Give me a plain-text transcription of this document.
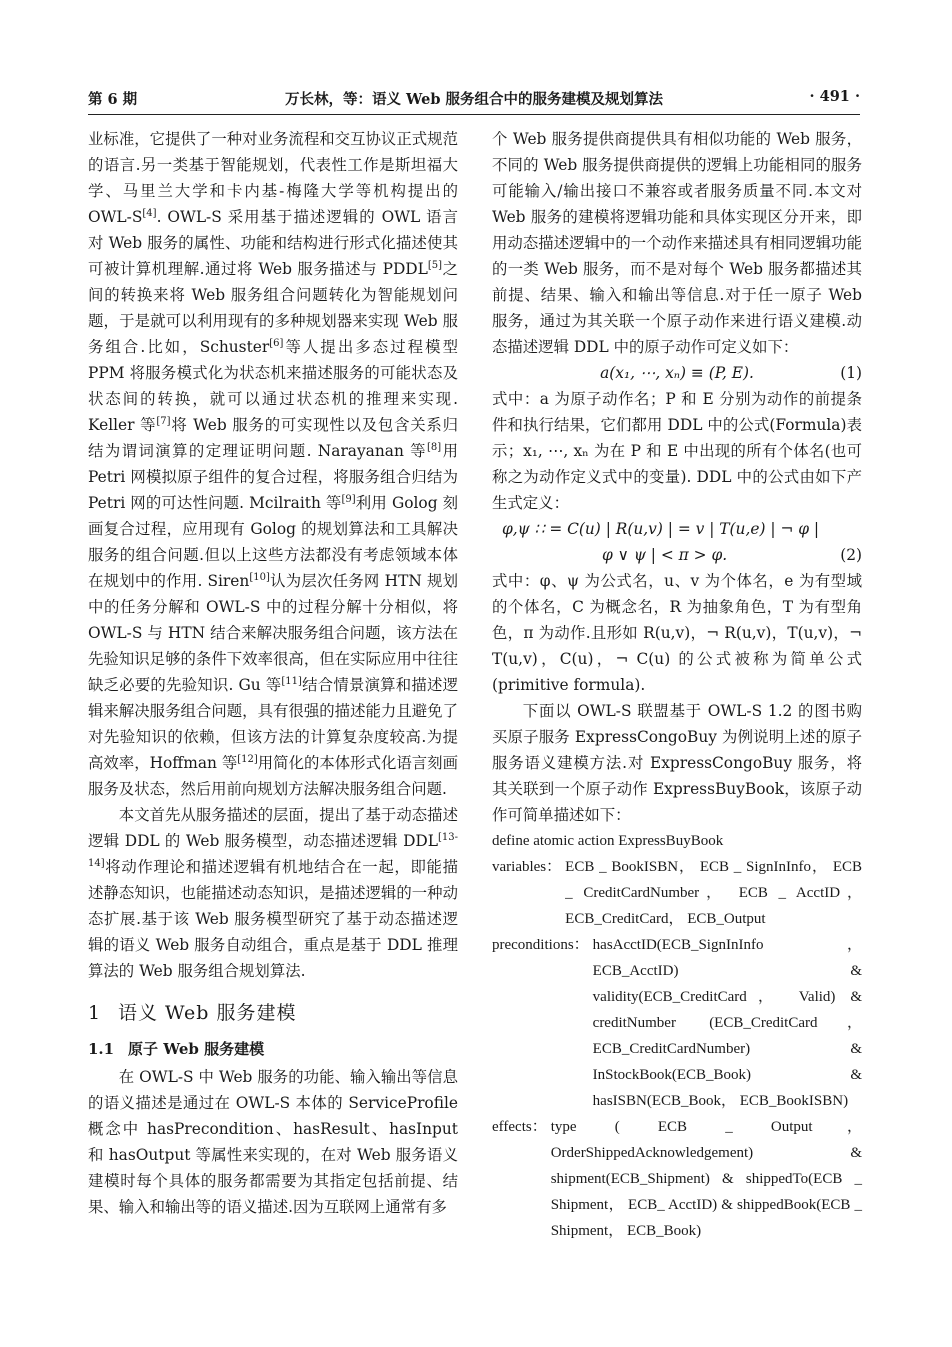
第 6 期	万长林，等：语义 Web 服务组合中的服务建模及规划算法	· 491 ·

业标准，它提供了一种对业务流程和交互协议正式规范的语言.另一类基于智能规划，代表性工作是斯坦福大学、马里兰大学和卡内基-梅隆大学等机构提出的 OWL-S[4]. OWL-S 采用基于描述逻辑的 OWL 语言对 Web 服务的属性、功能和结构进行形式化描述使其可被计算机理解.通过将 Web 服务描述与 PDDL[5]之间的转换来将 Web 服务组合问题转化为智能规划问题，于是就可以利用现有的多种规划器来实现 Web 服务组合.比如，Schuster[6]等人提出多态过程模型 PPM 将服务模式化为状态机来描述服务的可能状态及状态间的转换，就可以通过状态机的推理来实现. Keller 等[7]将 Web 服务的可实现性以及包含关系归结为谓词演算的定理证明问题. Narayanan 等[8]用 Petri 网模拟原子组件的复合过程，将服务组合归结为 Petri 网的可达性问题. Mcilraith 等[9]利用 Golog 刻画复合过程，应用现有 Golog 的规划算法和工具解决服务的组合问题.但以上这些方法都没有考虑领域本体在规划中的作用. Siren[10]认为层次任务网 HTN 规划中的任务分解和 OWL-S 中的过程分解十分相似，将 OWL-S 与 HTN 结合来解决服务组合问题，该方法在先验知识足够的条件下效率很高，但在实际应用中往往缺乏必要的先验知识. Gu 等[11]结合情景演算和描述逻辑来解决服务组合问题，具有很强的描述能力且避免了对先验知识的依赖，但该方法的计算复杂度较高.为提高效率，Hoffman 等[12]用简化的本体形式化语言刻画服务及状态，然后用前向规划方法解决服务组合问题.

本文首先从服务描述的层面，提出了基于动态描述逻辑 DDL 的 Web 服务模型，动态描述逻辑 DDL[13-14]将动作理论和描述逻辑有机地结合在一起，即能描述静态知识，也能描述动态知识，是描述逻辑的一种动态扩展.基于该 Web 服务模型研究了基于动态描述逻辑的语义 Web 服务自动组合，重点是基于 DDL 推理算法的 Web 服务组合规划算法.

1 语义 Web 服务建模
1.1 原子 Web 服务建模

在 OWL-S 中 Web 服务的功能、输入输出等信息的语义描述是通过在 OWL-S 本体的 ServiceProfile 概念中 hasPrecondition、hasResult、hasInput 和 hasOutput 等属性来实现的，在对 Web 服务语义建模时每个具体的服务都需要为其指定包括前提、结果、输入和输出等的语义描述.因为互联网上通常有多

个 Web 服务提供商提供具有相似功能的 Web 服务，不同的 Web 服务提供商提供的逻辑上功能相同的服务可能输入/输出接口不兼容或者服务质量不同.本文对 Web 服务的建模将逻辑功能和具体实现区分开来，即用动态描述逻辑中的一个动作来描述具有相同逻辑功能的一类 Web 服务，而不是对每个 Web 服务都描述其前提、结果、输入和输出等信息.对于任一原子 Web 服务，通过为其关联一个原子动作来进行语义建模.动态描述逻辑 DDL 中的原子动作可定义如下：

a(x₁, ⋯, xₙ) ≡ (P, E).	(1)

式中：a 为原子动作名；P 和 E 分别为动作的前提条件和执行结果，它们都用 DDL 中的公式(Formula)表示；x₁, ⋯, xₙ 为在 P 和 E 中出现的所有个体名(也可称之为动作定义式中的变量). DDL 中的公式由如下产生式定义：

φ,ψ ∷ = C(u) | R(u,v) | = v | T(u,e) | ¬ φ |
φ ∨ ψ | < π > φ.	(2)

式中：φ、ψ 为公式名，u、v 为个体名，e 为有型域的个体名，C 为概念名，R 为抽象角色，T 为有型角色，π 为动作.且形如 R(u,v)，¬ R(u,v)，T(u,v)，¬ T(u,v)，C(u)，¬ C(u) 的公式被称为简单公式(primitive formula).

下面以 OWL-S 联盟基于 OWL-S 1.2 的图书购买原子服务 ExpressCongoBuy 为例说明上述的原子服务语义建模方法.对 ExpressCongoBuy 服务，将其关联到一个原子动作 ExpressBuyBook，该原子动作可简单描述如下：

define atomic action ExpressBuyBook

variables： ECB _ BookISBN， ECB _ SignInInfo， ECB _ CreditCardNumber， ECB _ AcctID，ECB_CreditCard， ECB_Output
preconditions： hasAcctID(ECB_SignInInfo， ECB_AcctID) & validity(ECB_CreditCard， Valid) & creditNumber (ECB_CreditCard， ECB_CreditCardNumber) & InStockBook(ECB_Book) & hasISBN(ECB_Book， ECB_BookISBN)
effects： type ( ECB _ Output， OrderShippedAcknowledgement) & shipment(ECB_Shipment) & shippedTo(ECB _ Shipment， ECB_ AcctID) & shippedBook(ECB _ Shipment， ECB_Book)
